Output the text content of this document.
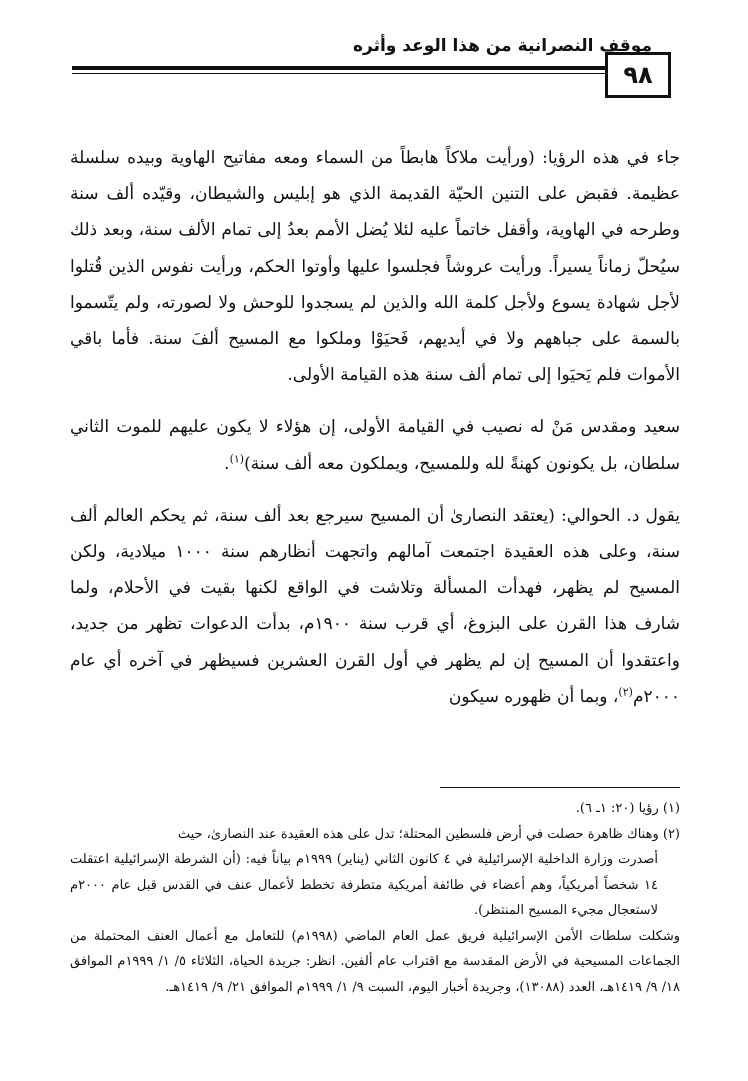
موقف النصرانية من هذا الوعد وأثره
٩٨

جاء في هذه الرؤيا: (ورأيت ملاكاً هابطاً من السماء ومعه مفاتيح الهاوية وبيده سلسلة عظيمة. فقبض على التنين الحيّة القديمة الذي هو إبليس والشيطان، وقيّده ألف سنة وطرحه في الهاوية، وأقفل خاتماً عليه لئلا يُضل الأمم بعدُ إلى تمام الألف سنة، وبعد ذلك سيُحلّ زماناً يسيراً. ورأيت عروشاً فجلسوا عليها وأوتوا الحكم، ورأيت نفوس الذين قُتلوا لأجل شهادة يسوع ولأجل كلمة الله والذين لم يسجدوا للوحش ولا لصورته، ولم يتّسموا بالسمة على جباههم ولا في أيديهم، فَحيَوْا وملكوا مع المسيح ألفَ سنة. فأما باقي الأموات فلم يَحيَوا إلى تمام ألف سنة هذه القيامة الأولى.

سعيد ومقدس مَنْ له نصيب في القيامة الأولى، إن هؤلاء لا يكون عليهم للموت الثاني سلطان، بل يكونون كهنةً لله وللمسيح، ويملكون معه ألف سنة)$^{(١)}$.

يقول د. الحوالي: (يعتقد النصارىٰ أن المسيح سيرجع بعد ألف سنة، ثم يحكم العالم ألف سنة، وعلى هذه العقيدة اجتمعت آمالهم واتجهت أنظارهم سنة ١٠٠٠ ميلادية، ولكن المسيح لم يظهر، فهدأت المسألة وتلاشت في الواقع لكنها بقيت في الأحلام، ولما شارف هذا القرن على البزوغ، أي قرب سنة ١٩٠٠م، بدأت الدعوات تظهر من جديد، واعتقدوا أن المسيح إن لم يظهر في أول القرن العشرين فسيظهر في آخره أي عام ٢٠٠٠م$^{(٢)}$، وبما أن ظهوره سيكون

(١) رؤيا (٢٠: ١ـ ٦).

(٢) وهناك ظاهرة حصلت في أرض فلسطين المحتلة؛ تدل على هذه العقيدة عند النصارىٰ، حيث

أصدرت وزارة الداخلية الإسرائيلية في ٤ كانون الثاني (يناير) ١٩٩٩م بياناً فيه: (أن الشرطة الإسرائيلية اعتقلت ١٤ شخصاً أمريكياً، وهم أعضاء في طائفة أمريكية متطرفة تخطط لأعمال عنف في القدس قبل عام ٢٠٠٠م لاستعجال مجيء المسيح المنتظر).

وشكلت سلطات الأمن الإسرائيلية فريق عمل العام الماضي (١٩٩٨م) للتعامل مع أعمال العنف المحتملة من الجماعات المسيحية في الأرض المقدسة مع اقتراب عام ألفين. انظر: جريدة الحياة، الثلاثاء ٥/ ١/ ١٩٩٩م الموافق ١٨/ ٩/ ١٤١٩هـ، العدد (١٣٠٨٨)، وجريدة أخبار اليوم، السبت ٩/ ١/ ١٩٩٩م الموافق ٢١/ ٩/ ١٤١٩هـ.
